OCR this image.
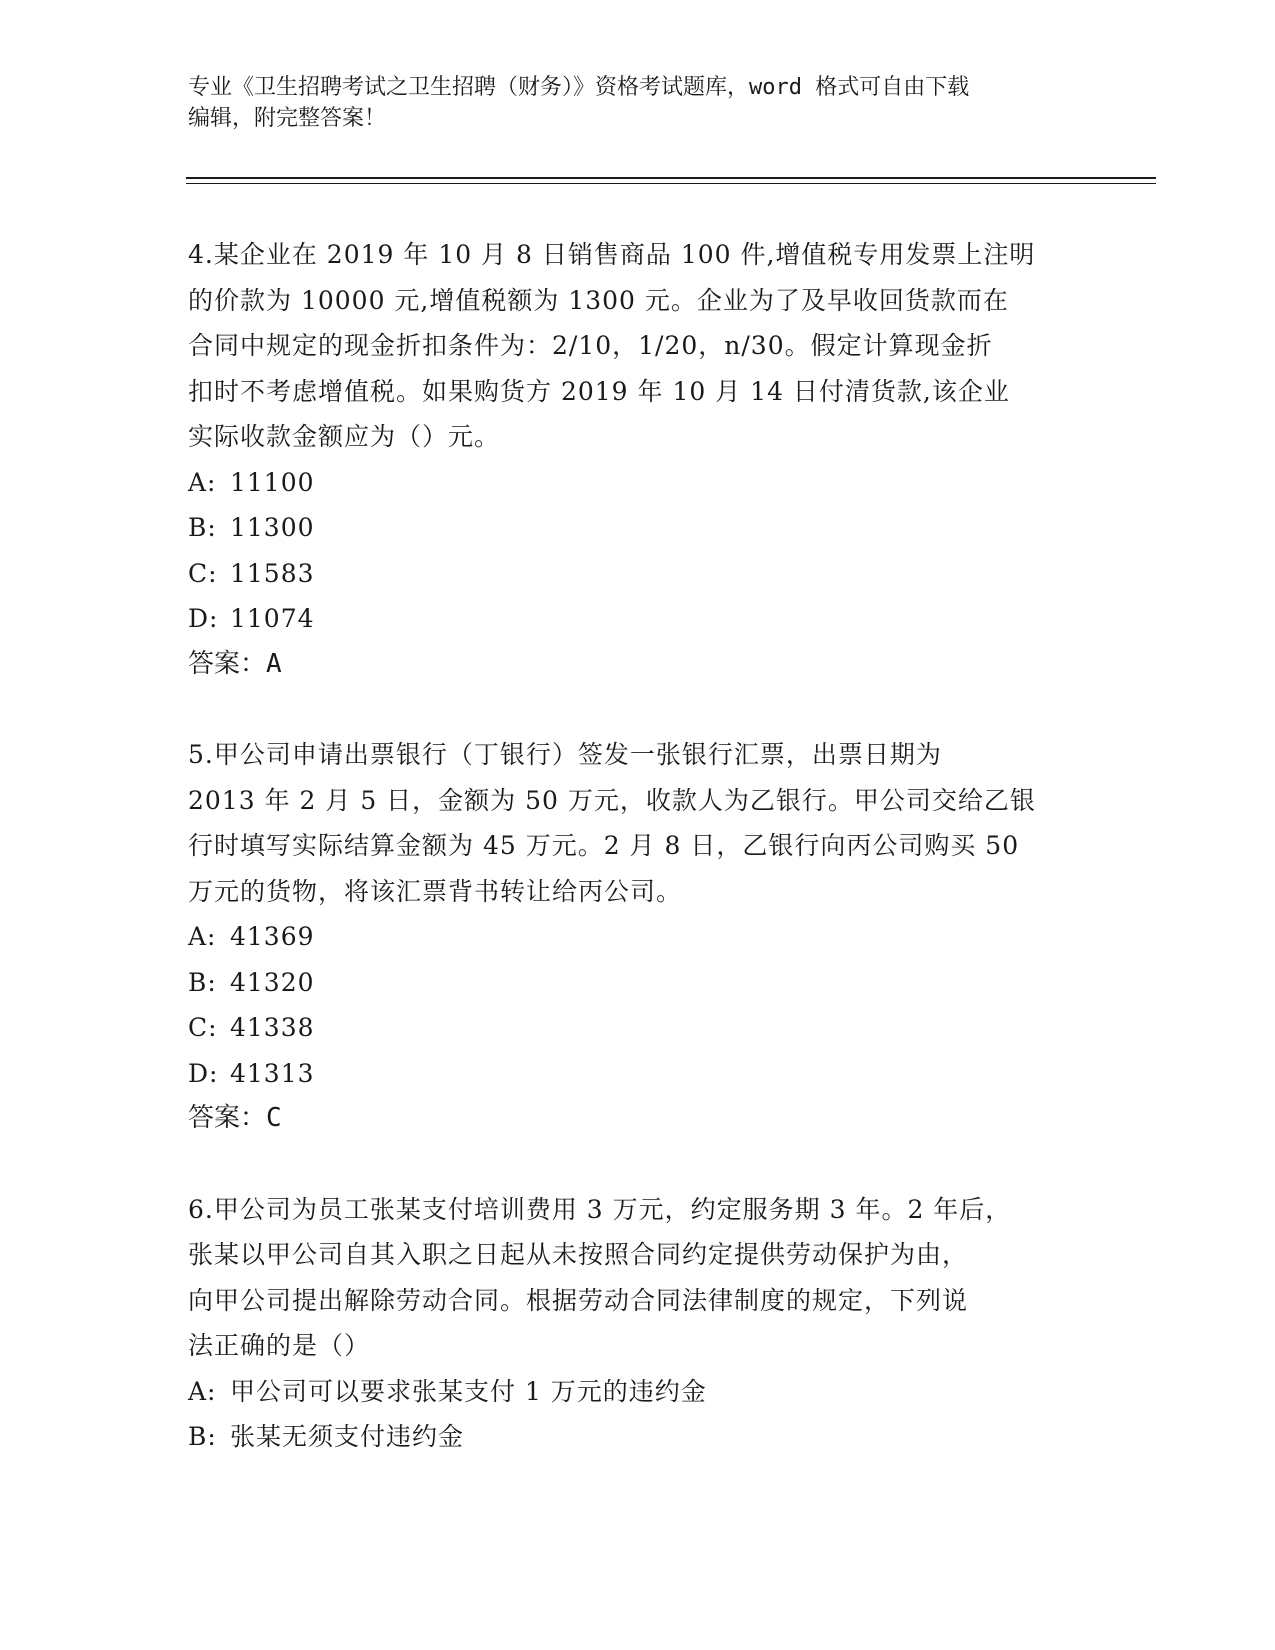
专业《卫生招聘考试之卫生招聘（财务）》资格考试题库，word 格式可自由下载
编辑，附完整答案！

4.某企业在 2019 年 10 月 8 日销售商品 100 件,增值税专用发票上注明

的价款为 10000 元,增值税额为 1300 元。企业为了及早收回货款而在

合同中规定的现金折扣条件为：2/10，1/20，n/30。假定计算现金折

扣时不考虑增值税。如果购货方 2019 年 10 月 14 日付清货款,该企业

实际收款金额应为（）元。

A: 11100

B: 11300

C: 11583

D: 11074

答案：A

5.甲公司申请出票银行（丁银行）签发一张银行汇票，出票日期为

2013 年 2 月 5 日，金额为 50 万元，收款人为乙银行。甲公司交给乙银

行时填写实际结算金额为 45 万元。2 月 8 日，乙银行向丙公司购买 50

万元的货物，将该汇票背书转让给丙公司。

A: 41369

B: 41320

C: 41338

D: 41313

答案：C

6.甲公司为员工张某支付培训费用 3 万元，约定服务期 3 年。2 年后，

张某以甲公司自其入职之日起从未按照合同约定提供劳动保护为由，

向甲公司提出解除劳动合同。根据劳动合同法律制度的规定，下列说

法正确的是（）

A: 甲公司可以要求张某支付 1 万元的违约金

B: 张某无须支付违约金
